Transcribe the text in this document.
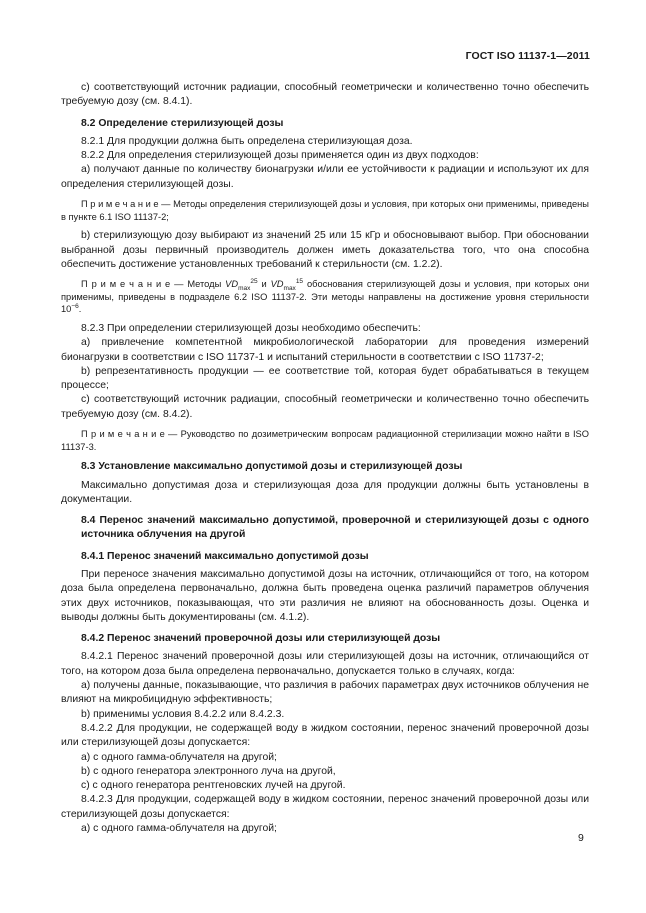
ГОСТ ISO 11137-1—2011

с) соответствующий источник радиации, способный геометрически и количественно точно обеспечить требуемую дозу (см. 8.4.1).

8.2 Определение стерилизующей дозы

8.2.1 Для продукции должна быть определена стерилизующая доза.

8.2.2 Для определения стерилизующей дозы применяется один из двух подходов:

а) получают данные по количеству бионагрузки и/или ее устойчивости к радиации и используют их для определения стерилизующей дозы.

П р и м е ч а н и е — Методы определения стерилизующей дозы и условия, при которых они применимы, приведены в пункте 6.1 ISO 11137-2;

b) стерилизующую дозу выбирают из значений 25 или 15 кГр и обосновывают выбор. При обосновании выбранной дозы первичный производитель должен иметь доказательства того, что она способна обеспечить достижение установленных требований к стерильности (см. 1.2.2).

П р и м е ч а н и е — Методы $VD_{max}^{25}$ и $VD_{max}^{15}$ обоснования стерилизующей дозы и условия, при которых они применимы, приведены в подразделе 6.2 ISO 11137-2. Эти методы направлены на достижение уровня стерильности $10^{-6}$.

8.2.3 При определении стерилизующей дозы необходимо обеспечить:

а) привлечение компетентной микробиологической лаборатории для проведения измерений бионагрузки в соответствии с ISO 11737-1 и испытаний стерильности в соответствии с ISO 11737-2;

b) репрезентативность продукции — ее соответствие той, которая будет обрабатываться в текущем процессе;

с) соответствующий источник радиации, способный геометрически и количественно точно обеспечить требуемую дозу (см. 8.4.2).

П р и м е ч а н и е — Руководство по дозиметрическим вопросам радиационной стерилизации можно найти в ISO 11137-3.

8.3 Установление максимально допустимой дозы и стерилизующей дозы

Максимально допустимая доза и стерилизующая доза для продукции должны быть установлены в документации.

8.4 Перенос значений максимально допустимой, проверочной и стерилизующей дозы с одного источника облучения на другой

8.4.1 Перенос значений максимально допустимой дозы

При переносе значения максимально допустимой дозы на источник, отличающийся от того, на котором доза была определена первоначально, должна быть проведена оценка различий параметров облучения этих двух источников, показывающая, что эти различия не влияют на обоснованность дозы. Оценка и выводы должны быть документированы (см. 4.1.2).

8.4.2 Перенос значений проверочной дозы или стерилизующей дозы

8.4.2.1 Перенос значений проверочной дозы или стерилизующей дозы на источник, отличающийся от того, на котором доза была определена первоначально, допускается только в случаях, когда:

а) получены данные, показывающие, что различия в рабочих параметрах двух источников облучения не влияют на микробицидную эффективность;

b) применимы условия 8.4.2.2 или 8.4.2.3.

8.4.2.2 Для продукции, не содержащей воду в жидком состоянии, перенос значений проверочной дозы или стерилизующей дозы допускается:

а) с одного гамма-облучателя на другой;

b) с одного генератора электронного луча на другой,

с) с одного генератора рентгеновских лучей на другой.

8.4.2.3 Для продукции, содержащей воду в жидком состоянии, перенос значений проверочной дозы или стерилизующей дозы допускается:

а) с одного гамма-облучателя на другой;

9
